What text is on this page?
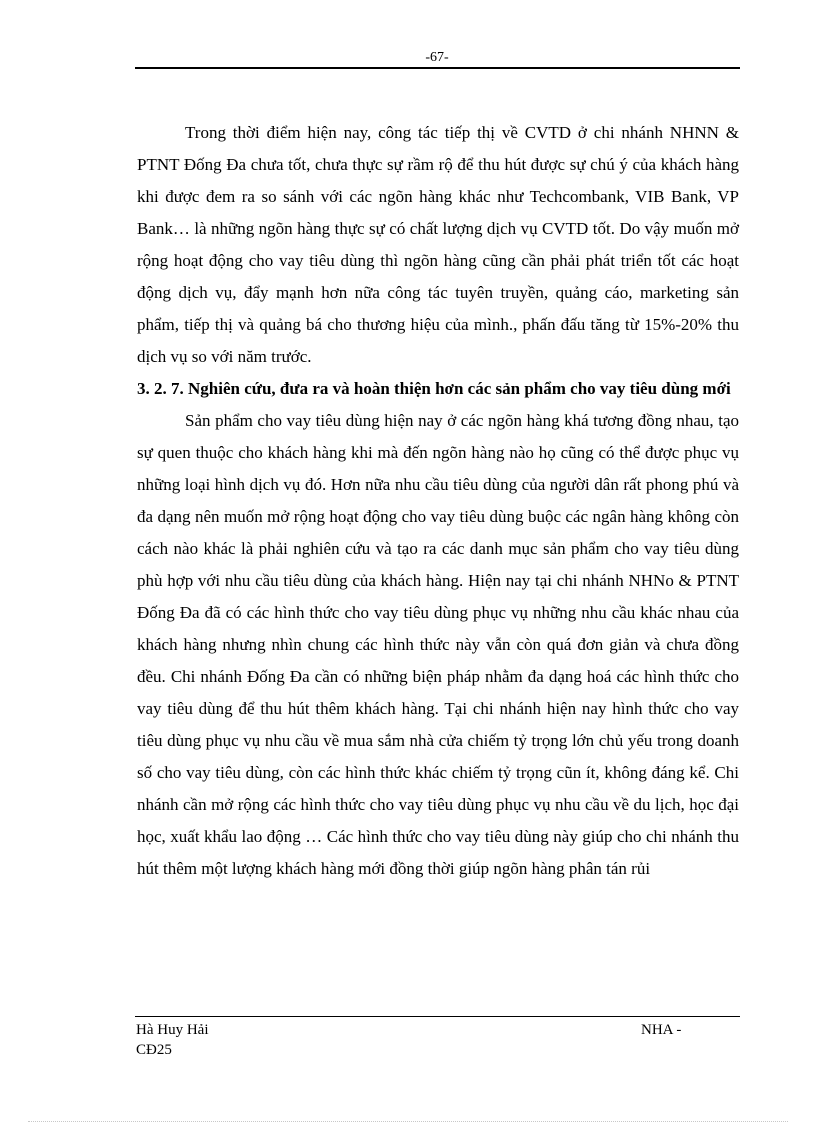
-67-

Trong thời điểm hiện nay, công tác tiếp thị về CVTD ở chi nhánh NHNN & PTNT Đống Đa chưa tốt, chưa thực sự rầm rộ để thu hút được sự chú ý của khách hàng khi được đem ra so sánh với các ngõn hàng khác như Techcombank, VIB Bank, VP Bank… là những ngõn hàng thực sự có chất lượng dịch vụ CVTD tốt. Do vậy muốn mở rộng hoạt động cho vay tiêu dùng thì ngõn hàng cũng cần phải phát triển tốt các hoạt động dịch vụ, đẩy mạnh hơn nữa công tác tuyên truyền, quảng cáo, marketing sản phẩm, tiếp thị và quảng bá cho thương hiệu của mình., phấn đấu tăng từ 15%-20% thu dịch vụ so với năm trước.

3. 2. 7. Nghiên cứu, đưa ra và hoàn thiện hơn các sản phẩm cho vay tiêu dùng mới

Sản phẩm cho vay tiêu dùng hiện nay ở các ngõn hàng khá tương đồng nhau, tạo sự quen thuộc cho khách hàng khi mà đến ngõn hàng nào họ cũng có thể được phục vụ những loại hình dịch vụ đó. Hơn nữa nhu cầu tiêu dùng của người dân rất phong phú và đa dạng nên muốn mở rộng hoạt động cho vay tiêu dùng buộc các ngân hàng không còn cách nào khác là phải nghiên cứu và tạo ra các danh mục sản phẩm cho vay tiêu dùng phù hợp với nhu cầu tiêu dùng của khách hàng. Hiện nay tại chi nhánh NHNo & PTNT Đống Đa đã có các hình thức cho vay tiêu dùng phục vụ những nhu cầu khác nhau của khách hàng nhưng nhìn chung các hình thức này vẫn còn quá đơn giản và chưa đồng đều. Chi nhánh Đống Đa cần có những biện pháp nhằm đa dạng hoá các hình thức cho vay tiêu dùng để thu hút thêm khách hàng. Tại chi nhánh hiện nay hình thức cho vay tiêu dùng phục vụ nhu cầu về mua sắm nhà cửa chiếm tỷ trọng lớn chủ yếu trong doanh số cho vay tiêu dùng, còn các hình thức khác chiếm tỷ trọng cũn ít, không đáng kể. Chi nhánh cần mở rộng các hình thức cho vay tiêu dùng phục vụ nhu cầu về du lịch, học đại học, xuất khẩu lao động … Các hình thức cho vay tiêu dùng này giúp cho chi nhánh thu hút thêm một lượng khách hàng mới đồng thời giúp ngõn hàng phân tán rủi

Hà Huy Hải
CĐ25
NHA -
